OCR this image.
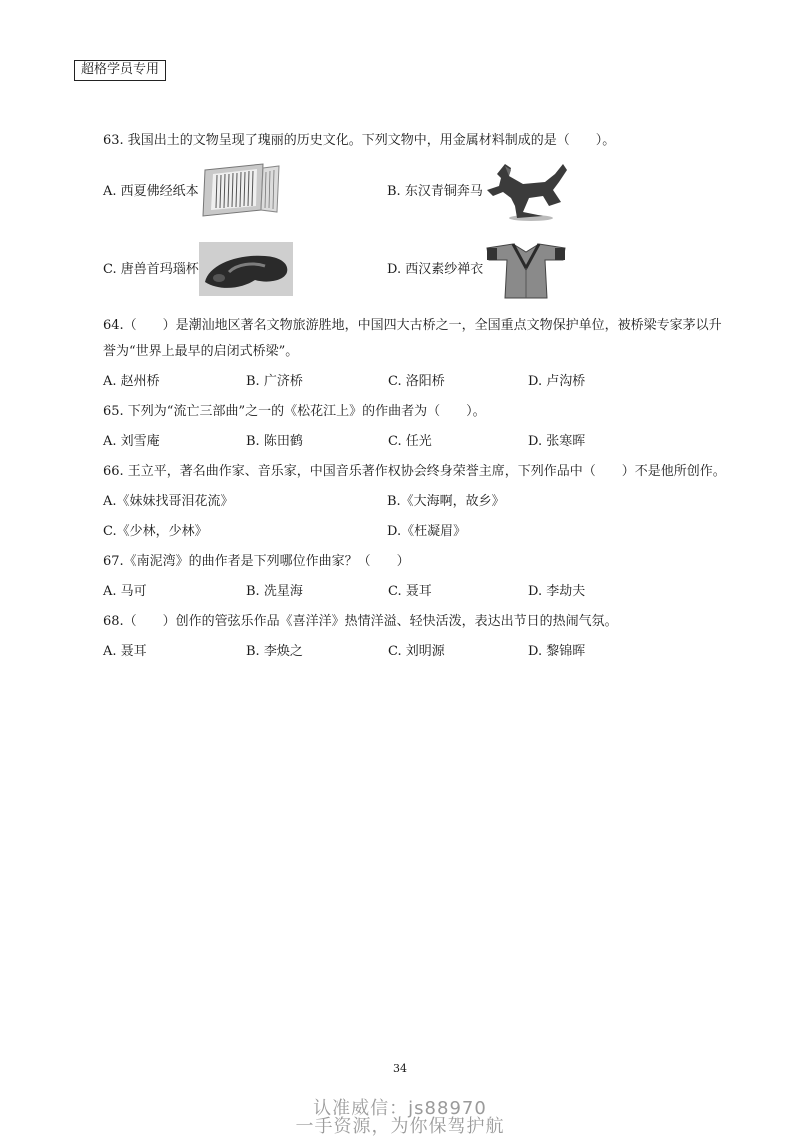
超格学员专用
63. 我国出土的文物呈现了瑰丽的历史文化。下列文物中，用金属材料制成的是（　　）。
A. 西夏佛经纸本	B. 东汉青铜奔马
C. 唐兽首玛瑙杯	D. 西汉素纱禅衣
64.（　　）是潮汕地区著名文物旅游胜地，中国四大古桥之一，全国重点文物保护单位，被桥梁专家茅以升誉为“世界上最早的启闭式桥梁”。
A. 赵州桥	B. 广济桥	C. 洛阳桥	D. 卢沟桥
65. 下列为“流亡三部曲”之一的《松花江上》的作曲者为（　　）。
A. 刘雪庵	B. 陈田鹤	C. 任光	D. 张寒晖
66. 王立平，著名曲作家、音乐家，中国音乐著作权协会终身荣誉主席，下列作品中（　　）不是他所创作。
A.《妹妹找哥泪花流》	B.《大海啊，故乡》
C.《少林，少林》	D.《枉凝眉》
67.《南泥湾》的曲作者是下列哪位作曲家？（　　）
A. 马可	B. 冼星海	C. 聂耳	D. 李劫夫
68.（　　）创作的管弦乐作品《喜洋洋》热情洋溢、轻快活泼，表达出节日的热闹气氛。
A. 聂耳	B. 李焕之	C. 刘明源	D. 黎锦晖
34
认准威信：js88970
一手资源，为你保驾护航
